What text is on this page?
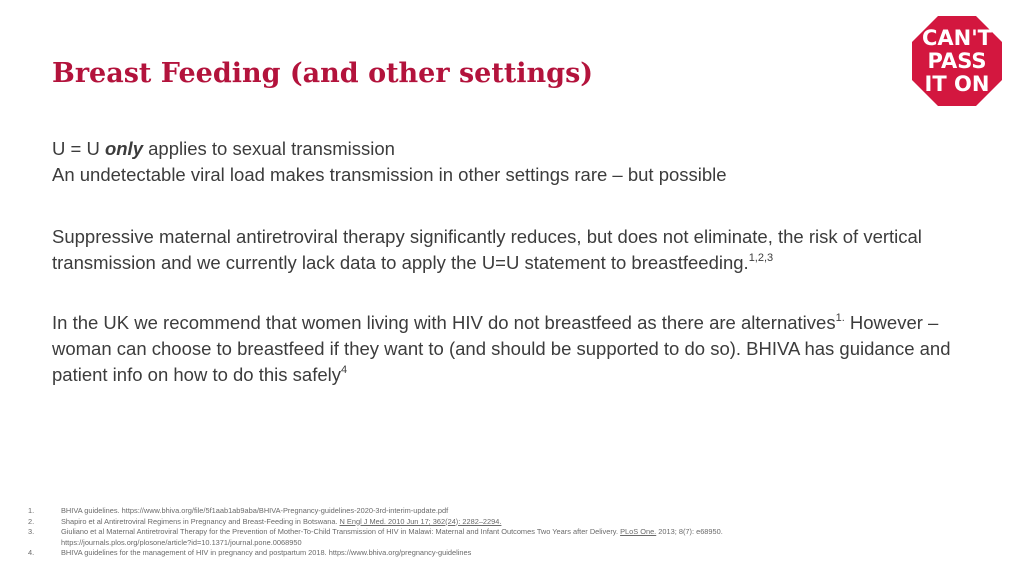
Breast Feeding (and other settings)
CAN'T
PASS
IT ON

U = U only applies to sexual transmission

An undetectable viral load makes transmission in other settings rare – but possible

Suppressive maternal antiretroviral therapy significantly reduces, but does not eliminate, the risk of vertical transmission and we currently lack data to apply the U=U statement to breastfeeding.$^{1,2,3}$

In the UK we recommend that women living with HIV do not breastfeed as there are alternatives$^{1.}$ However – woman can choose to breastfeed if they want to (and should be supported to do so). BHIVA has guidance and patient info on how to do this safely$^4$

1.	BHIVA guidelines. https://www.bhiva.org/file/5f1aab1ab9aba/BHIVA-Pregnancy-guidelines-2020-3rd-interim-update.pdf
2.	Shapiro et al Antiretroviral Regimens in Pregnancy and Breast-Feeding in Botswana. N Engl J Med. 2010 Jun 17; 362(24): 2282–2294.
3.	Giuliano et al Maternal Antiretroviral Therapy for the Prevention of Mother-To-Child Transmission of HIV in Malawi: Maternal and Infant Outcomes Two Years after Delivery. PLoS One. 2013; 8(7): e68950.
https://journals.plos.org/plosone/article?id=10.1371/journal.pone.0068950
4.	BHIVA guidelines for the management of HIV in pregnancy and postpartum 2018. https://www.bhiva.org/pregnancy-guidelines
